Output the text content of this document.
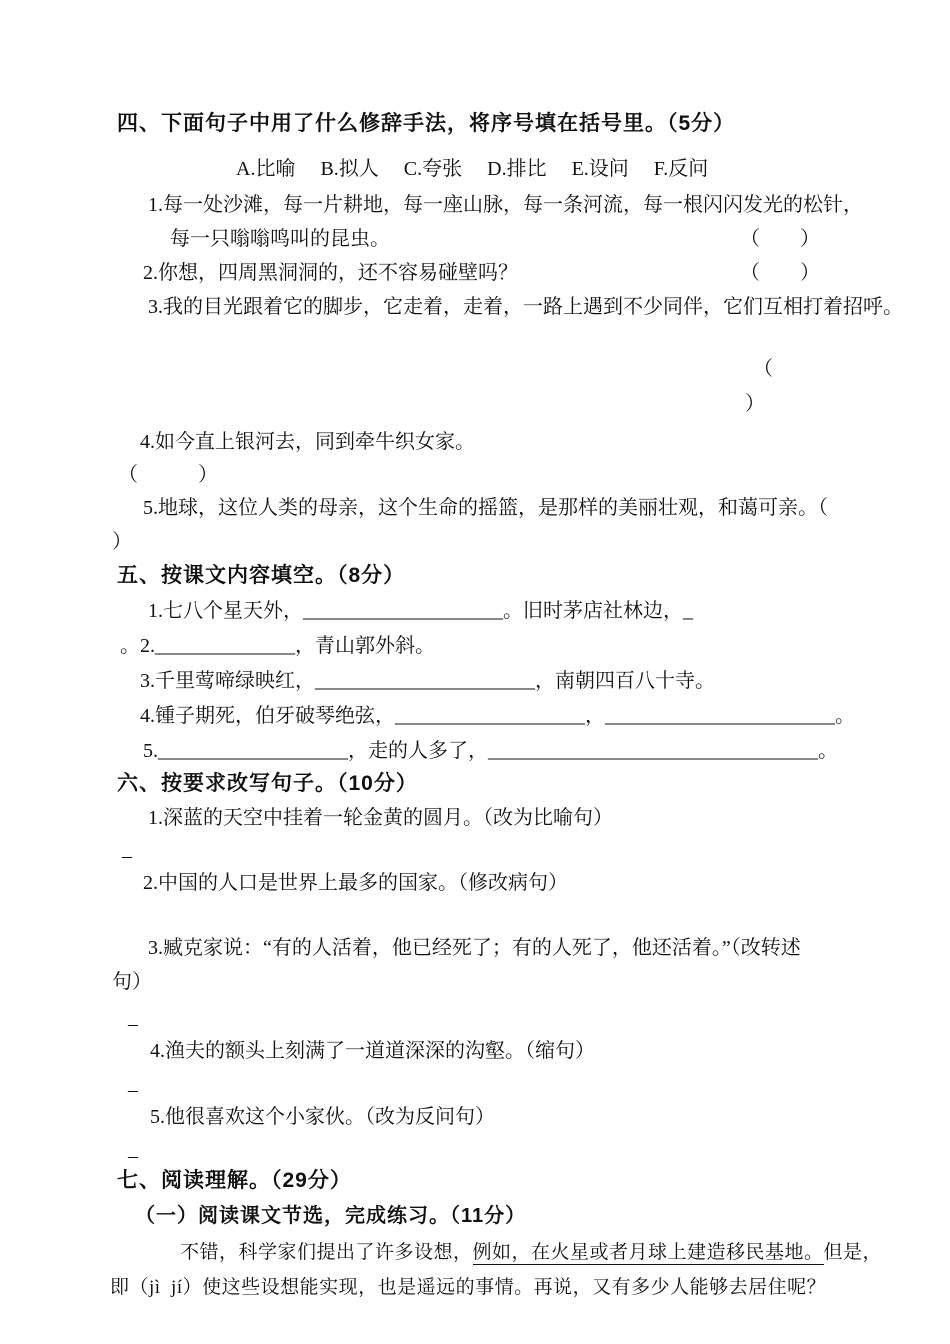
四、下面句子中用了什么修辞手法，将序号填在括号里。（5分）
A.比喻　 B.拟人　 C.夸张　 D.排比　 E.设问　 F.反问
1.每一处沙滩，每一片耕地，每一座山脉，每一条河流，每一根闪闪发光的松针，
每一只嗡嗡鸣叫的昆虫。	（　　）
2.你想，四周黑洞洞的，还不容易碰壁吗？	（　　）
3.我的目光跟着它的脚步，它走着，走着，一路上遇到不少同伴，它们互相打着招呼。
（
）
4.如今直上银河去，同到牵牛织女家。
（　　　）
5.地球，这位人类的母亲，这个生命的摇篮，是那样的美丽壮观，和蔼可亲。（
）
五、按课文内容填空。（8分）
1.七八个星天外，____________________。旧时茅店社林边，_
。2.______________，青山郭外斜。
3.千里莺啼绿映红，______________________，南朝四百八十寺。
4.锺子期死，伯牙破琴绝弦，___________________，_______________________。
5.___________________，走的人多了，_________________________________。
六、按要求改写句子。（10分）
1.深蓝的天空中挂着一轮金黄的圆月。（改为比喻句）
–
2.中国的人口是世界上最多的国家。（修改病句）
3.臧克家说：“有的人活着，他已经死了；有的人死了，他还活着。”（改转述
句）
–
4.渔夫的额头上刻满了一道道深深的沟壑。（缩句）
–
5.他很喜欢这个小家伙。（改为反问句）
–
七、阅读理解。（29分）
（一）阅读课文节选，完成练习。（11分）
不错，科学家们提出了许多设想，例如，在火星或者月球上建造移民基地。但是，
即（jì  jí）使这些设想能实现，也是遥远的事情。再说，又有多少人能够去居住呢？
